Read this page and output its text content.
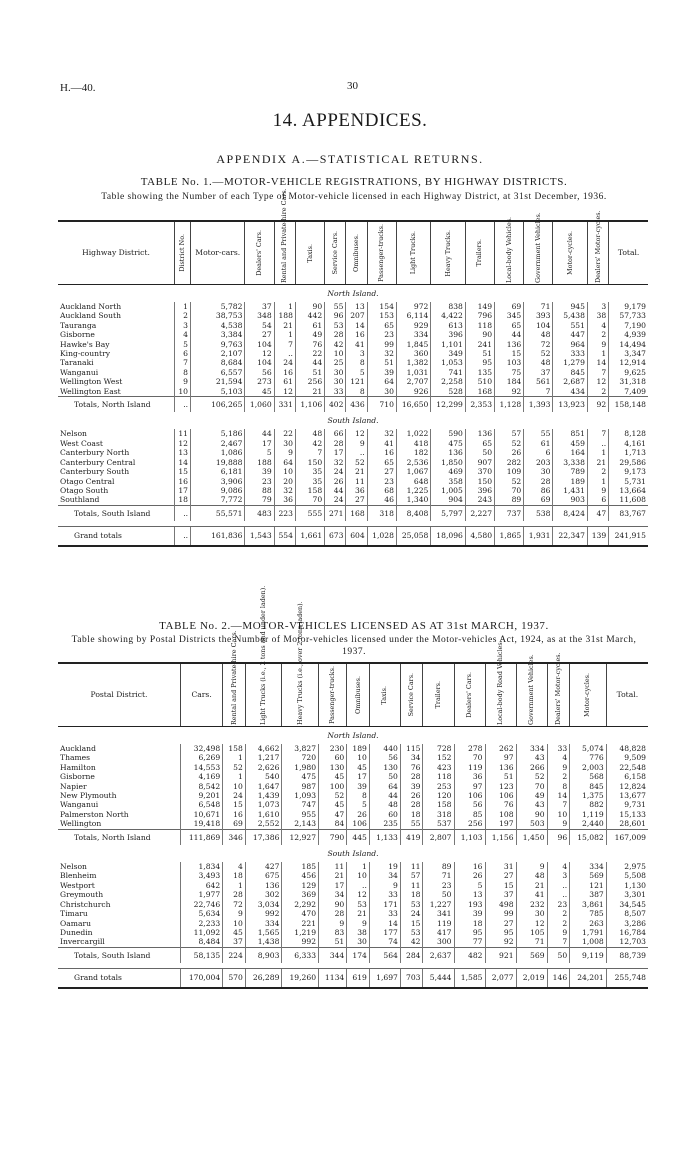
H.—40.	30
14. APPENDICES.
APPENDIX A.—STATISTICAL RETURNS.
TABLE No. 1.—MOTOR-VEHICLE REGISTRATIONS, BY HIGHWAY DISTRICTS.
Table showing the Number of each Type of Motor-vehicle licensed in each Highway District, at 31st December, 1936.
Highway District.	District No.	Motor-cars.	Dealers' Cars.	Rental and Private-hire Cars.	Taxis.	Service Cars.	Omnibuses.	Passenger-trucks.	Light Trucks.	Heavy Trucks.	Trailers.	Local-body Vehicles.	Government Vehicles.	Motor-cycles.	Dealers' Motor-cycles.	Total.
North Island.																
Auckland North	1	5,782	37	1	90	55	13	154	972	838	149	69	71	945	3	9,179
Auckland South	2	38,753	348	188	442	96	207	153	6,114	4,422	796	345	393	5,438	38	57,733
Tauranga	3	4,538	54	21	61	53	14	65	929	613	118	65	104	551	4	7,190
Gisborne	4	3,384	27	1	49	28	16	23	334	396	90	44	48	447	2	4,939
Hawke's Bay	5	9,763	104	7	76	42	41	99	1,845	1,101	241	136	72	964	9	14,494
King-country	6	2,107	12	..	22	10	3	32	360	349	51	15	52	333	1	3,347
Taranaki	7	8,684	104	24	44	25	8	51	1,382	1,053	95	103	48	1,279	14	12,914
Wanganui	8	6,557	56	16	51	30	5	39	1,031	741	135	75	37	845	7	9,625
Wellington West	9	21,594	273	61	256	30	121	64	2,707	2,258	510	184	561	2,687	12	31,318
Wellington East	10	5,103	45	12	21	33	8	30	926	528	168	92	7	434	2	7,409
Totals, North Island	..	106,265	1,060	331	1,106	402	436	710	16,650	12,299	2,353	1,128	1,393	13,923	92	158,148
South Island.																
Nelson	11	5,186	44	22	48	66	12	32	1,022	590	136	57	55	851	7	8,128
West Coast	12	2,467	17	30	42	28	9	41	418	475	65	52	61	459	..	4,161
Canterbury North	13	1,086	5	9	7	17	..	16	182	136	50	26	6	164	1	1,713
Canterbury Central	14	19,888	188	64	150	32	52	65	2,536	1,850	907	282	203	3,338	21	29,586
Canterbury South	15	6,181	39	10	35	24	21	27	1,067	469	370	109	30	789	2	9,173
Otago Central	16	3,906	23	20	35	26	11	23	648	358	150	52	28	189	1	5,731
Otago South	17	9,086	88	32	158	44	36	68	1,225	1,005	396	70	86	1,431	9	13,664
Southland	18	7,772	79	36	70	24	27	46	1,340	904	243	89	69	903	6	11,608
Totals, South Island	..	55,571	483	223	555	271	168	318	8,408	5,797	2,227	737	538	8,424	47	83,767

Grand totals	..	161,836	1,543	554	1,661	673	604	1,028	25,058	18,096	4,580	1,865	1,931	22,347	139	241,915
TABLE No. 2.—MOTOR-VEHICLES LICENSED AS AT 31st MARCH, 1937.
Table showing by Postal Districts the Number of Motor-vehicles licensed under the Motor-vehicles Act, 1924, as at the 31st March, 1937.
Postal District.	Cars.	Rental and Private-hire Cars.	Light Trucks (i.e., 2 tons and under laden).	Heavy Trucks (i.e., over 2 tons laden).	Passenger-trucks.	Omnibuses.	Taxis.	Service Cars.	Trailers.	Dealers' Cars.	Local-body Road Vehicles.	Government Vehicles.	Dealers' Motor-cycles.	Motor-cycles.	Total.
North Island.															
Auckland	32,498	158	4,662	3,827	230	189	440	115	728	278	262	334	33	5,074	48,828
Thames	6,269	1	1,217	720	60	10	56	34	152	70	97	43	4	776	9,509
Hamilton	14,553	52	2,626	1,980	130	45	130	76	423	119	136	266	9	2,003	22,548
Gisborne	4,169	1	540	475	45	17	50	28	118	36	51	52	2	568	6,158
Napier	8,542	10	1,647	987	100	39	64	39	253	97	123	70	8	845	12,824
New Plymouth	9,201	24	1,439	1,093	52	8	44	26	120	106	106	49	14	1,375	13,677
Wanganui	6,548	15	1,073	747	45	5	48	28	158	56	76	43	7	882	9,731
Palmerston North	10,671	16	1,610	955	47	26	60	18	318	85	108	90	10	1,119	15,133
Wellington	19,418	69	2,552	2,143	84	106	235	55	537	256	197	503	9	2,440	28,601
Totals, North Island	111,869	346	17,386	12,927	790	445	1,133	419	2,807	1,103	1,156	1,450	96	15,082	167,009
South Island.															
Nelson	1,834	4	427	185	11	1	19	11	89	16	31	9	4	334	2,975
Blenheim	3,493	18	675	456	21	10	34	57	71	26	27	48	3	569	5,508
Westport	642	1	136	129	17	..	9	11	23	5	15	21	..	121	1,130
Greymouth	1,977	28	302	369	34	12	33	18	50	13	37	41	..	387	3,301
Christchurch	22,746	72	3,034	2,292	90	53	171	53	1,227	193	498	232	23	3,861	34,545
Timaru	5,634	9	992	470	28	21	33	24	341	39	99	30	2	785	8,507
Oamaru	2,233	10	334	221	9	9	14	15	119	18	27	12	2	263	3,286
Dunedin	11,092	45	1,565	1,219	83	38	177	53	417	95	95	105	9	1,791	16,784
Invercargill	8,484	37	1,438	992	51	30	74	42	300	77	92	71	7	1,008	12,703
Totals, South Island	58,135	224	8,903	6,333	344	174	564	284	2,637	482	921	569	50	9,119	88,739

Grand totals	170,004	570	26,289	19,260	1134	619	1,697	703	5,444	1,585	2,077	2,019	146	24,201	255,748
